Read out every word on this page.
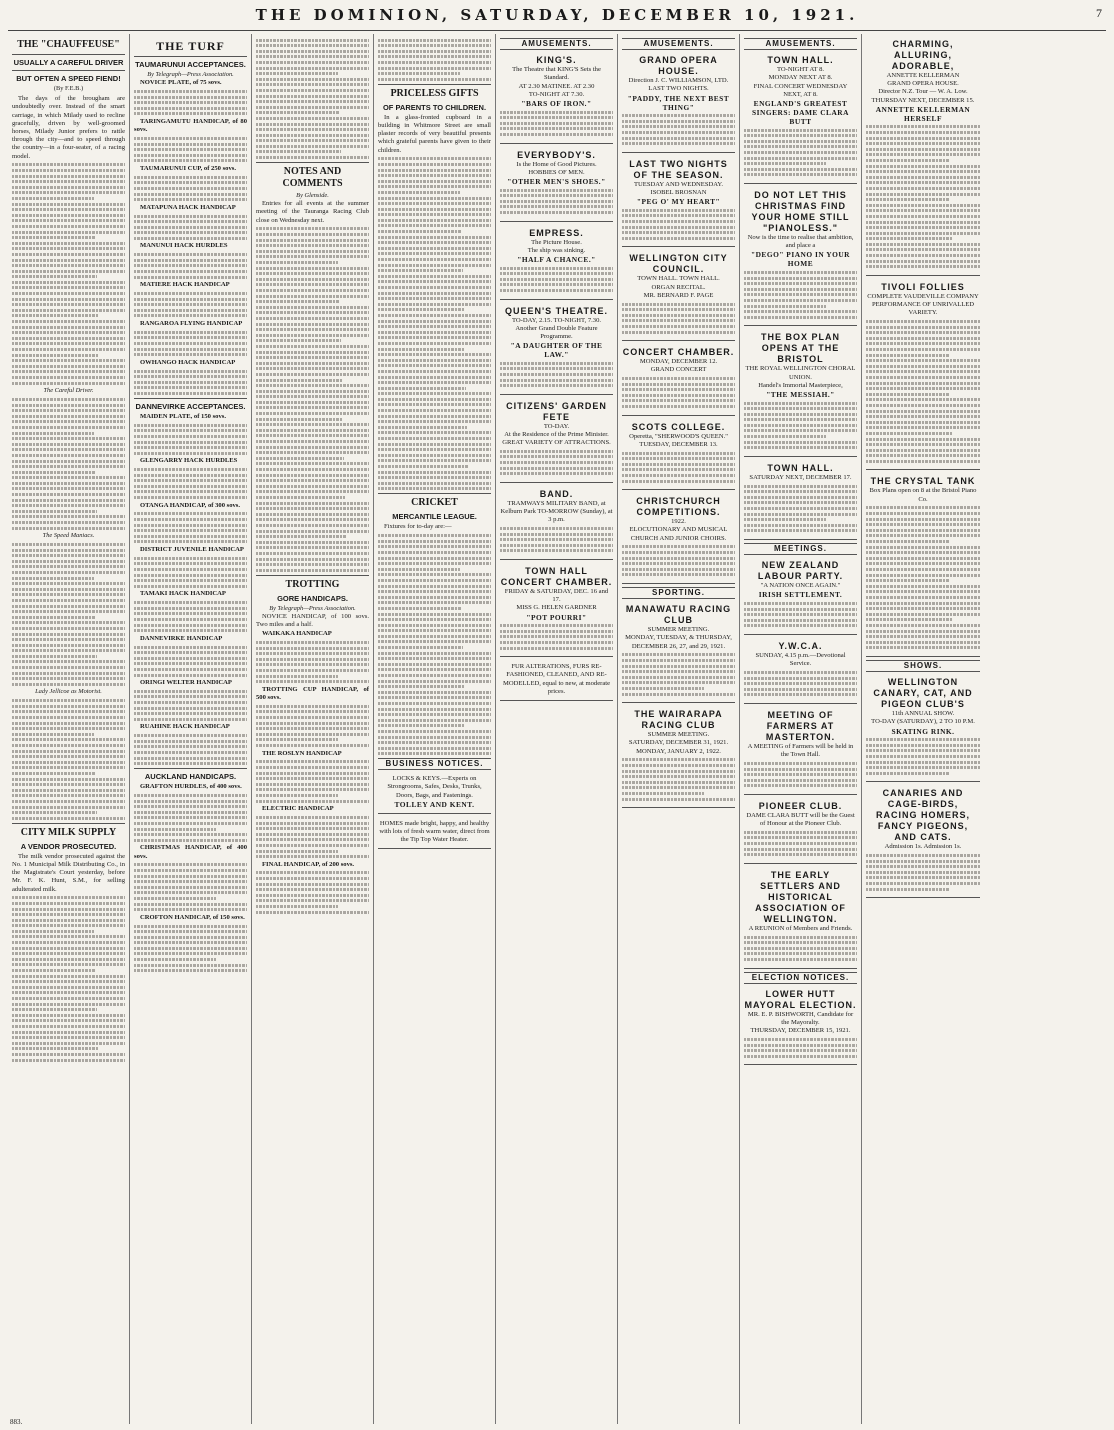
THE DOMINION, SATURDAY, DECEMBER 10, 1921.	7
THE "CHAUFFEUSE"
USUALLY A CAREFUL DRIVER
BUT OFTEN A SPEED FIEND!
(By F.E.B.)
The days of the brougham are undoubtedly over. Instead of the smart carriage, in which Milady used to recline gracefully, driven by well-groomed horses, Milady Junior prefers to rattle through the city—and to speed through the country—in a four-seater, of a racing model.
The Careful Driver.
The Speed Maniacs.
Lady Jellicoe as Motorist.
CITY MILK SUPPLY
A VENDOR PROSECUTED.
The milk vendor prosecuted against the No. 1 Municipal Milk Distributing Co., in the Magistrate's Court yesterday, before Mr. F. K. Hunt, S.M., for selling adulterated milk.
THE TURF
TAUMARUNUI ACCEPTANCES.
By Telegraph—Press Association.
NOVICE PLATE, of 75 sovs.
TARINGAMUTU HANDICAP, of 80 sovs.
TAUMARUNUI CUP, of 250 sovs.
MATAPUNA HACK HANDICAP
MANUNUI HACK HURDLES
MATIERE HACK HANDICAP
RANGAROA FLYING HANDICAP
OWHANGO HACK HANDICAP
DANNEVIRKE ACCEPTANCES.
MAIDEN PLATE, of 150 sovs.
GLENGARRY HACK HURDLES
OTANGA HANDICAP, of 300 sovs.
DISTRICT JUVENILE HANDICAP
TAMAKI HACK HANDICAP
DANNEVIRKE HANDICAP
ORINGI WELTER HANDICAP
RUAHINE HACK HANDICAP
AUCKLAND HANDICAPS.
GRAFTON HURDLES, of 400 sovs.
CHRISTMAS HANDICAP, of 400 sovs.
CROFTON HANDICAP, of 150 sovs.
NOTES AND COMMENTS
By Glenside.
Entries for all events at the summer meeting of the Tauranga Racing Club close on Wednesday next.
TROTTING
GORE HANDICAPS.
By Telegraph—Press Association.
NOVICE HANDICAP, of 100 sovs. Two miles and a half.
WAIKAKA HANDICAP
TROTTING CUP HANDICAP, of 500 sovs.
THE ROSLYN HANDICAP
ELECTRIC HANDICAP
FINAL HANDICAP, of 200 sovs.
PRICELESS GIFTS
OF PARENTS TO CHILDREN.
In a glass-fronted cupboard in a building in Whitmore Street are small plaster records of very beautiful presents which grateful parents have given to their children.
CRICKET
MERCANTILE LEAGUE.
Fixtures for to-day are:—
BUSINESS NOTICES.
LOCKS & KEYS.—Experts on Strongrooms, Safes, Desks, Trunks, Doors, Bags, and Fastenings.
TOLLEY AND KENT.
HOMES made bright, happy, and healthy with lots of fresh warm water, direct from the Tip Top Water Heater.
AMUSEMENTS.
KING'S.
The Theatre that KING'S Sets the Standard.
AT 2.30 MATINEE. AT 2.30
TO-NIGHT AT 7.30.
"BARS OF IRON."
EVERYBODY'S.
Is the Home of Good Pictures.
HOBBIES OF MEN.
"OTHER MEN'S SHOES."
EMPRESS.
The Picture House.
The ship was sinking.
"HALF A CHANCE."
QUEEN'S THEATRE.
TO-DAY, 2.15. TO-NIGHT, 7.30.
Another Grand Double Feature Programme.
"A DAUGHTER OF THE LAW."
CITIZENS' GARDEN FETE
TO-DAY.
At the Residence of the Prime Minister.
GREAT VARIETY OF ATTRACTIONS.
BAND.
TRAMWAYS MILITARY BAND, at Kelburn Park TO-MORROW (Sunday), at 3 p.m.
TOWN HALL CONCERT CHAMBER.
FRIDAY & SATURDAY, DEC. 16 and 17.
MISS G. HELEN GARDNER
"POT POURRI"
FUR ALTERATIONS, FURS RE-FASHIONED, CLEANED, AND RE-MODELLED, equal to new, at moderate prices.
AMUSEMENTS.
GRAND OPERA HOUSE.
Direction J. C. WILLIAMSON, LTD.
LAST TWO NIGHTS.
"PADDY, THE NEXT BEST THING"
LAST TWO NIGHTS OF THE SEASON.
TUESDAY AND WEDNESDAY.
ISOBEL BROSNAN
"PEG O' MY HEART"
WELLINGTON CITY COUNCIL.
TOWN HALL. TOWN HALL.
ORGAN RECITAL.
MR. BERNARD F. PAGE
CONCERT CHAMBER.
MONDAY, DECEMBER 12.
GRAND CONCERT
SCOTS COLLEGE.
Operetta, "SHERWOOD'S QUEEN."
TUESDAY, DECEMBER 13.
CHRISTCHURCH COMPETITIONS.
1922.
ELOCUTIONARY AND MUSICAL
CHURCH AND JUNIOR CHOIRS.
SPORTING.
MANAWATU RACING CLUB
SUMMER MEETING.
MONDAY, TUESDAY, & THURSDAY, DECEMBER 26, 27, and 29, 1921.
THE WAIRARAPA RACING CLUB
SUMMER MEETING.
SATURDAY, DECEMBER 31, 1921.
MONDAY, JANUARY 2, 1922.
AMUSEMENTS.
TOWN HALL.
TO-NIGHT AT 8.
MONDAY NEXT AT 8.
FINAL CONCERT WEDNESDAY NEXT, AT 8.
ENGLAND'S GREATEST SINGERS: DAME CLARA BUTT
DO NOT LET THIS CHRISTMAS FIND YOUR HOME STILL "PIANOLESS."
Now is the time to realise that ambition, and place a
"DEGO" PIANO IN YOUR HOME
THE BOX PLAN OPENS AT THE BRISTOL
THE ROYAL WELLINGTON CHORAL UNION.
Handel's Immortal Masterpiece,
"THE MESSIAH."
TOWN HALL.
SATURDAY NEXT, DECEMBER 17.
MEETINGS.
NEW ZEALAND LABOUR PARTY.
"A NATION ONCE AGAIN."
IRISH SETTLEMENT.
Y.W.C.A.
SUNDAY, 4.15 p.m.—Devotional Service.
MEETING OF FARMERS AT MASTERTON.
A MEETING of Farmers will be held in the Town Hall.
PIONEER CLUB.
DAME CLARA BUTT will be the Guest of Honour at the Pioneer Club.
THE EARLY SETTLERS AND HISTORICAL ASSOCIATION OF WELLINGTON.
A REUNION of Members and Friends.
ELECTION NOTICES.
LOWER HUTT MAYORAL ELECTION.
MR. E. P. BISHWORTH, Candidate for the Mayoralty.
THURSDAY, DECEMBER 15, 1921.
CHARMING, ALLURING, ADORABLE,
ANNETTE KELLERMAN
GRAND OPERA HOUSE.
Director N.Z. Tour — W. A. Low.
THURSDAY NEXT, DECEMBER 15.
ANNETTE KELLERMAN HERSELF
TIVOLI FOLLIES
COMPLETE VAUDEVILLE COMPANY
PERFORMANCE OF UNRIVALLED VARIETY.
THE CRYSTAL TANK
Box Plans open on 8 at the Bristol Piano Co.
SHOWS.
WELLINGTON CANARY, CAT, AND PIGEON CLUB'S
11th ANNUAL SHOW.
TO-DAY (SATURDAY), 2 TO 10 P.M.
SKATING RINK.
CANARIES AND CAGE-BIRDS, RACING HOMERS, FANCY PIGEONS, AND CATS.
Admission 1s. Admission 1s.
883.
